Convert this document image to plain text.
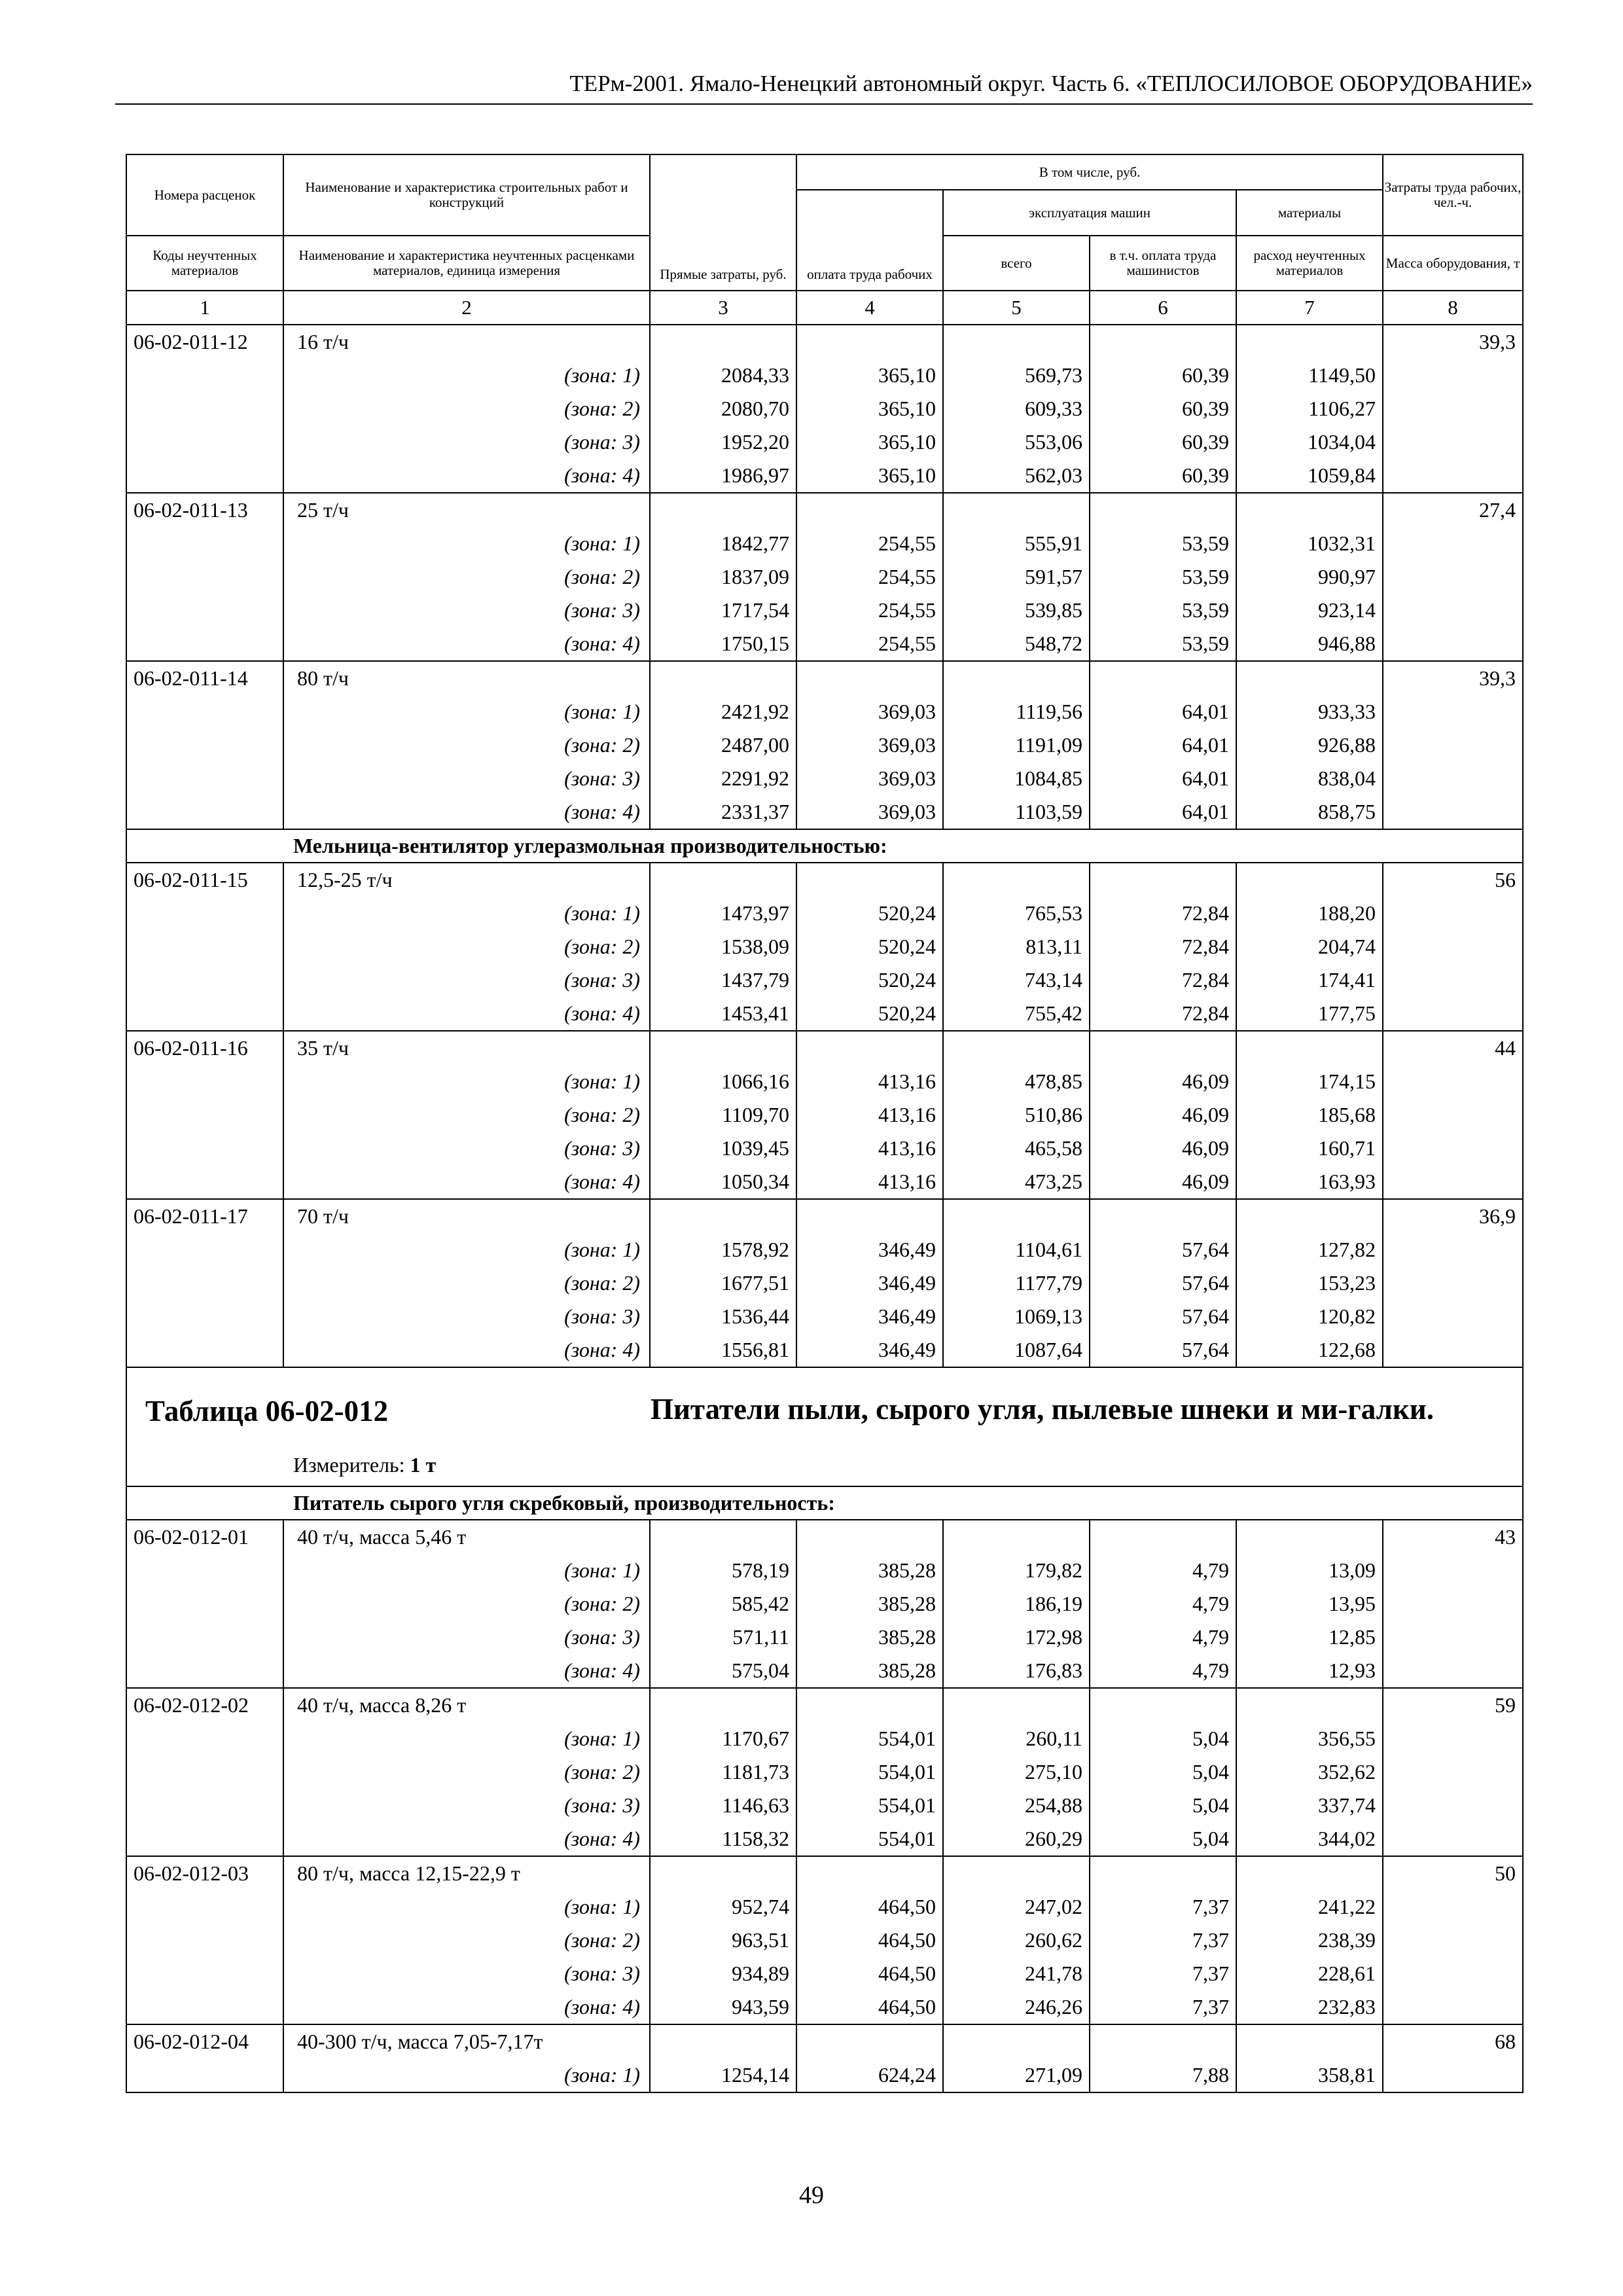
ТЕРм-2001. Ямало-Ненецкий автономный округ. Часть 6. «ТЕПЛОСИЛОВОЕ ОБОРУДОВАНИЕ»
Номера расценок	Наименование и характеристика строительных работ и конструкций	Прямые затраты, руб.	В том числе, руб.				Затраты труда рабочих, чел.-ч.
			оплата труда рабочих	эксплуатация машин		материалы	
Коды неучтенных материалов	Наименование и характеристика неучтенных расценками материалов, единица измерения			всего	в т.ч. оплата труда машинистов	расход неучтенных материалов	Масса оборудования, т

1	2	3	4	5	6	7	8
06-02-011-12	16 т/ч						39,3
	(зона: 1)	2084,33	365,10	569,73	60,39	1149,50	
	(зона: 2)	2080,70	365,10	609,33	60,39	1106,27	
	(зона: 3)	1952,20	365,10	553,06	60,39	1034,04	
	(зона: 4)	1986,97	365,10	562,03	60,39	1059,84	
06-02-011-13	25 т/ч						27,4
	(зона: 1)	1842,77	254,55	555,91	53,59	1032,31	
	(зона: 2)	1837,09	254,55	591,57	53,59	990,97	
	(зона: 3)	1717,54	254,55	539,85	53,59	923,14	
	(зона: 4)	1750,15	254,55	548,72	53,59	946,88	
06-02-011-14	80 т/ч						39,3
	(зона: 1)	2421,92	369,03	1119,56	64,01	933,33	
	(зона: 2)	2487,00	369,03	1191,09	64,01	926,88	
	(зона: 3)	2291,92	369,03	1084,85	64,01	838,04	
	(зона: 4)	2331,37	369,03	1103,59	64,01	858,75	
Мельница-вентилятор углеразмольная производительностью:							
06-02-011-15	12,5-25 т/ч						56
	(зона: 1)	1473,97	520,24	765,53	72,84	188,20	
	(зона: 2)	1538,09	520,24	813,11	72,84	204,74	
	(зона: 3)	1437,79	520,24	743,14	72,84	174,41	
	(зона: 4)	1453,41	520,24	755,42	72,84	177,75	
06-02-011-16	35 т/ч						44
	(зона: 1)	1066,16	413,16	478,85	46,09	174,15	
	(зона: 2)	1109,70	413,16	510,86	46,09	185,68	
	(зона: 3)	1039,45	413,16	465,58	46,09	160,71	
	(зона: 4)	1050,34	413,16	473,25	46,09	163,93	
06-02-011-17	70 т/ч						36,9
	(зона: 1)	1578,92	346,49	1104,61	57,64	127,82	
	(зона: 2)	1677,51	346,49	1177,79	57,64	153,23	
	(зона: 3)	1536,44	346,49	1069,13	57,64	120,82	
	(зона: 4)	1556,81	346,49	1087,64	57,64	122,68	

Таблица 06-02-012 Питатели пыли, сырого угля, пылевые шнеки и ми-галки.
Измеритель: 1 т							

Питатель сырого угля скребковый, производительность:							
06-02-012-01	40 т/ч, масса 5,46 т						43
	(зона: 1)	578,19	385,28	179,82	4,79	13,09	
	(зона: 2)	585,42	385,28	186,19	4,79	13,95	
	(зона: 3)	571,11	385,28	172,98	4,79	12,85	
	(зона: 4)	575,04	385,28	176,83	4,79	12,93	
06-02-012-02	40 т/ч, масса 8,26 т						59
	(зона: 1)	1170,67	554,01	260,11	5,04	356,55	
	(зона: 2)	1181,73	554,01	275,10	5,04	352,62	
	(зона: 3)	1146,63	554,01	254,88	5,04	337,74	
	(зона: 4)	1158,32	554,01	260,29	5,04	344,02	
06-02-012-03	80 т/ч, масса 12,15-22,9 т						50
	(зона: 1)	952,74	464,50	247,02	7,37	241,22	
	(зона: 2)	963,51	464,50	260,62	7,37	238,39	
	(зона: 3)	934,89	464,50	241,78	7,37	228,61	
	(зона: 4)	943,59	464,50	246,26	7,37	232,83	
06-02-012-04	40-300 т/ч, масса 7,05-7,17т						68
	(зона: 1)	1254,14	624,24	271,09	7,88	358,81	
49
